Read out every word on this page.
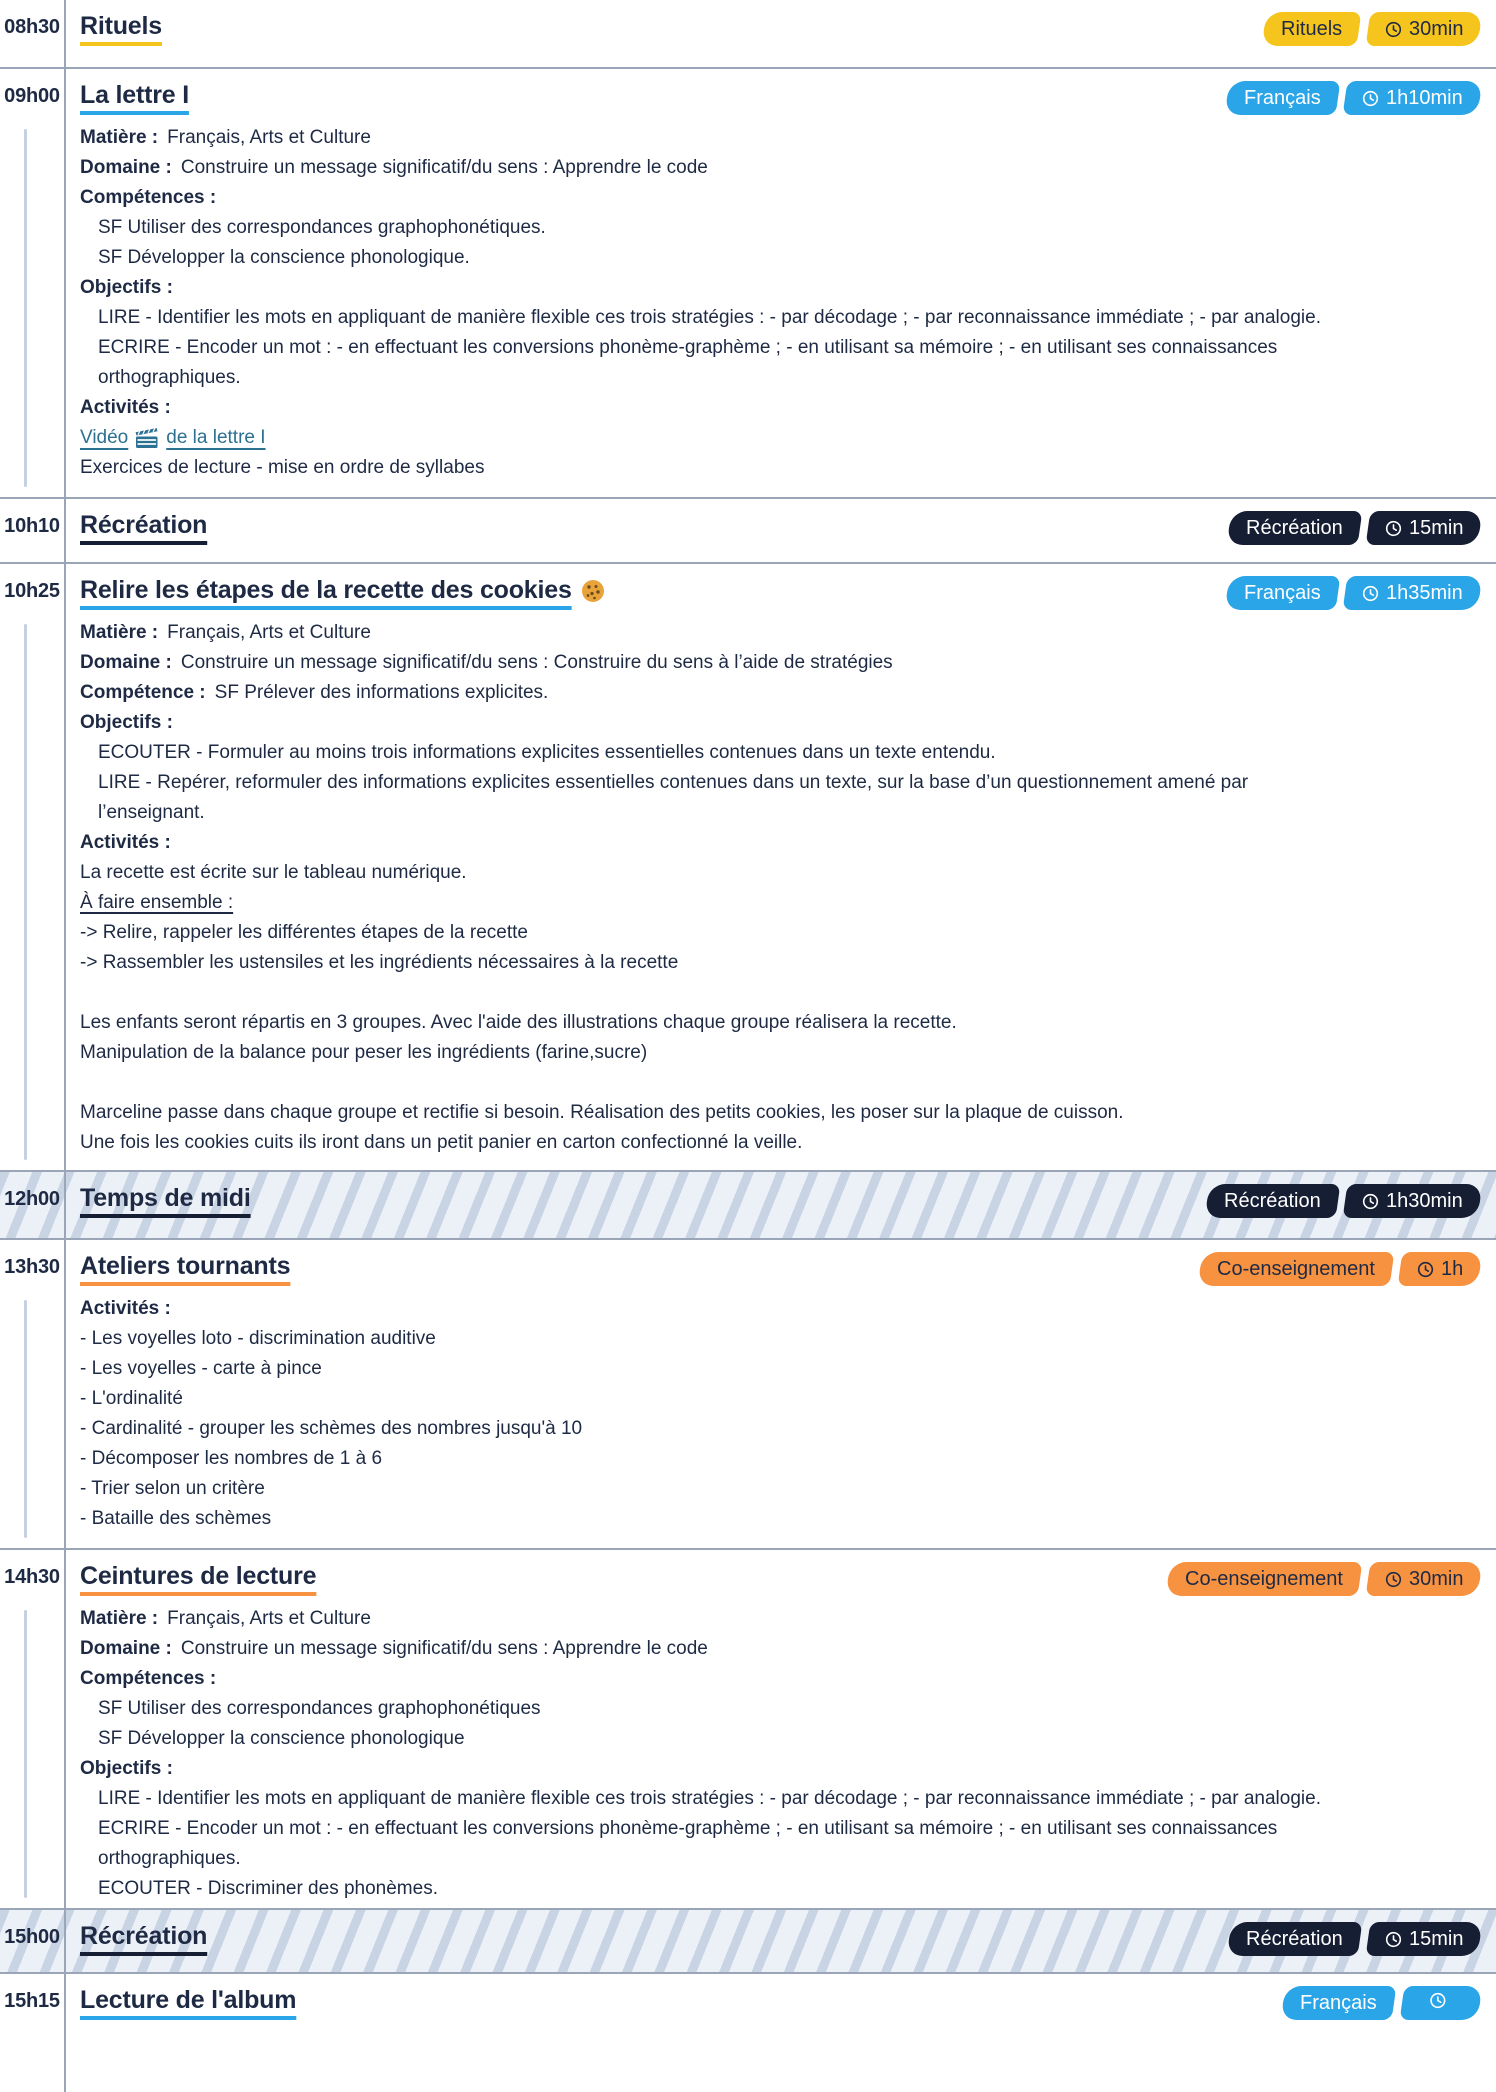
08h30 Rituels	Rituels	30min
09h00 La lettre I	Français	1h10min
Matière : Français, Arts et Culture
Domaine : Construire un message significatif/du sens : Apprendre le code
Compétences :
SF Utiliser des correspondances graphophonétiques.
SF Développer la conscience phonologique.
Objectifs :
LIRE - Identifier les mots en appliquant de manière flexible ces trois stratégies : - par décodage ; - par reconnaissance immédiate ; - par analogie.
ECRIRE - Encoder un mot : - en effectuant les conversions phonème-graphème ; - en utilisant sa mémoire ; - en utilisant ses connaissances
orthographiques.
Activités :
Vidéo de la lettre I
Exercices de lecture - mise en ordre de syllabes
10h10 Récréation	Récréation	15min
10h25 Relire les étapes de la recette des cookies	Français	1h35min
Matière : Français, Arts et Culture
Domaine : Construire un message significatif/du sens : Construire du sens à l’aide de stratégies
Compétence : SF Prélever des informations explicites.
Objectifs :
ECOUTER - Formuler au moins trois informations explicites essentielles contenues dans un texte entendu.
LIRE - Repérer, reformuler des informations explicites essentielles contenues dans un texte, sur la base d’un questionnement amené par
l’enseignant.
Activités :
La recette est écrite sur le tableau numérique.
À faire ensemble :
-> Relire, rappeler les différentes étapes de la recette
-> Rassembler les ustensiles et les ingrédients nécessaires à la recette
Les enfants seront répartis en 3 groupes. Avec l'aide des illustrations chaque groupe réalisera la recette.
Manipulation de la balance pour peser les ingrédients (farine,sucre)
Marceline passe dans chaque groupe et rectifie si besoin. Réalisation des petits cookies, les poser sur la plaque de cuisson.
Une fois les cookies cuits ils iront dans un petit panier en carton confectionné la veille.
12h00 Temps de midi	Récréation	1h30min
13h30 Ateliers tournants	Co-enseignement	1h
Activités :
- Les voyelles loto - discrimination auditive
- Les voyelles - carte à pince
- L'ordinalité
- Cardinalité - grouper les schèmes des nombres jusqu'à 10
- Décomposer les nombres de 1 à 6
- Trier selon un critère
- Bataille des schèmes
14h30 Ceintures de lecture	Co-enseignement	30min
Matière : Français, Arts et Culture
Domaine : Construire un message significatif/du sens : Apprendre le code
Compétences :
SF Utiliser des correspondances graphophonétiques
SF Développer la conscience phonologique
Objectifs :
LIRE - Identifier les mots en appliquant de manière flexible ces trois stratégies : - par décodage ; - par reconnaissance immédiate ; - par analogie.
ECRIRE - Encoder un mot : - en effectuant les conversions phonème-graphème ; - en utilisant sa mémoire ; - en utilisant ses connaissances
orthographiques.
ECOUTER - Discriminer des phonèmes.
15h00 Récréation	Récréation	15min
15h15 Lecture de l'album	Français
